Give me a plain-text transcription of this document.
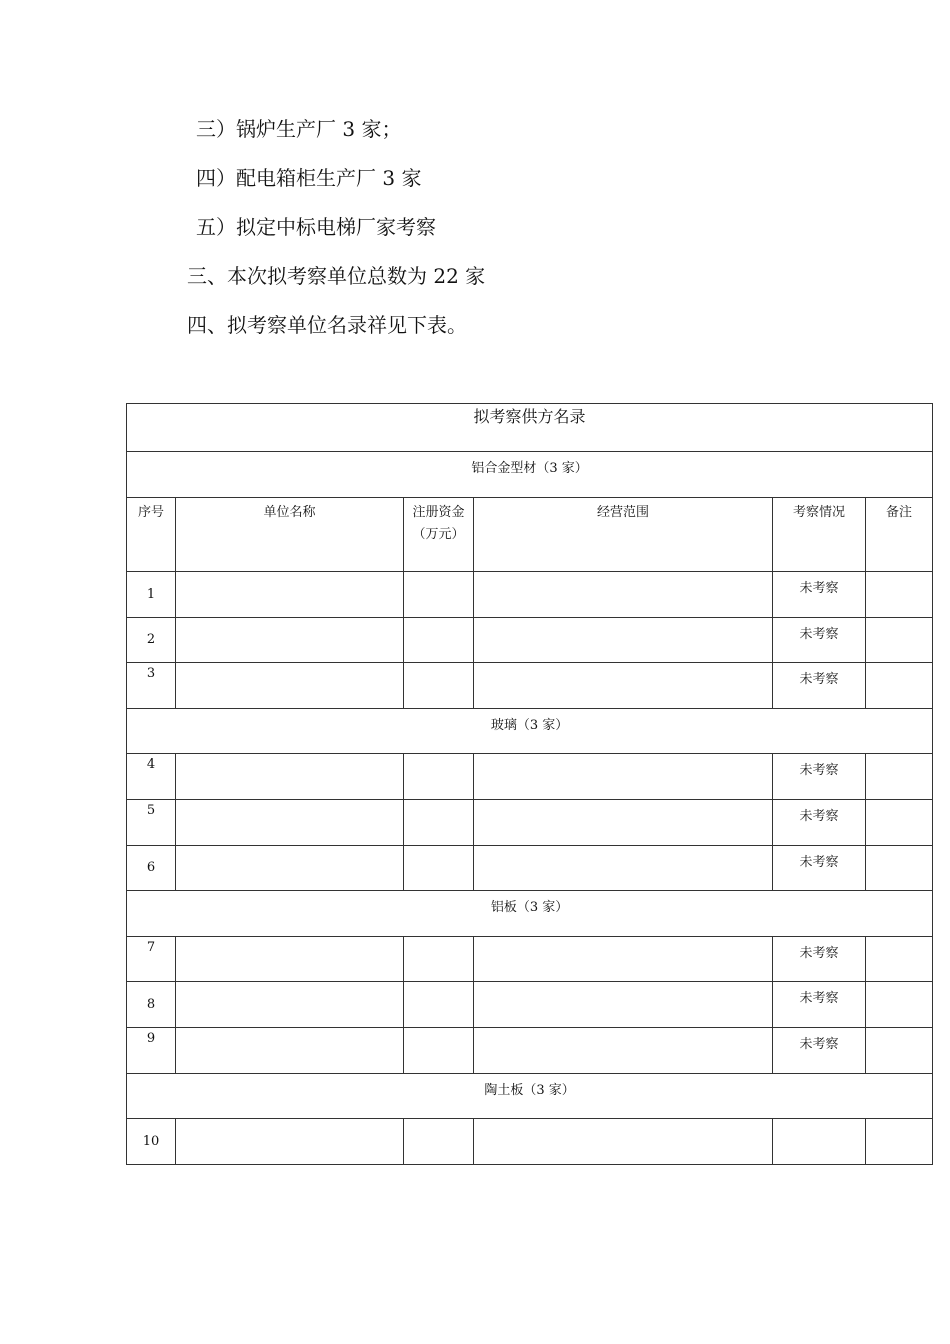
三）锅炉生产厂 3 家；
四）配电箱柜生产厂 3 家
五）拟定中标电梯厂家考察
三、本次拟考察单位总数为 22 家
四、拟考察单位名录祥见下表。
拟考察供方名录					
铝合金型材（3 家）					
序号	单位名称	注册资金（万元）	经营范围	考察情况	备注
1				未考察	
2				未考察	
3				未考察	
玻璃（3 家）					
4				未考察	
5				未考察	
6				未考察	
铝板（3 家）					
7				未考察	
8				未考察	
9				未考察	
陶土板（3 家）					
10					
